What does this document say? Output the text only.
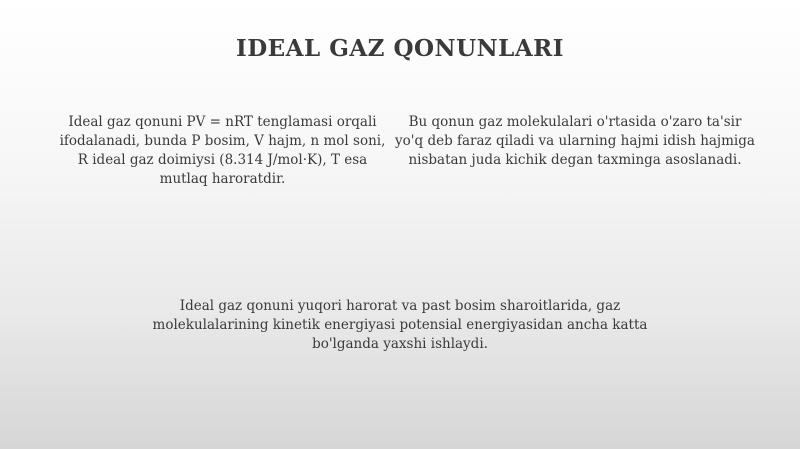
IDEAL GAZ QONUNLARI

Ideal gaz qonuni PV = nRT tenglamasi orqali ifodalanadi, bunda P bosim, V hajm, n mol soni, R ideal gaz doimiysi (8.314 J/mol·K), T esa mutlaq haroratdir.

Bu qonun gaz molekulalari o'rtasida o'zaro ta'sir yo'q deb faraz qiladi va ularning hajmi idish hajmiga nisbatan juda kichik degan taxminga asoslanadi.

Ideal gaz qonuni yuqori harorat va past bosim sharoitlarida, gaz molekulalarining kinetik energiyasi potensial energiyasidan ancha katta bo'lganda yaxshi ishlaydi.
